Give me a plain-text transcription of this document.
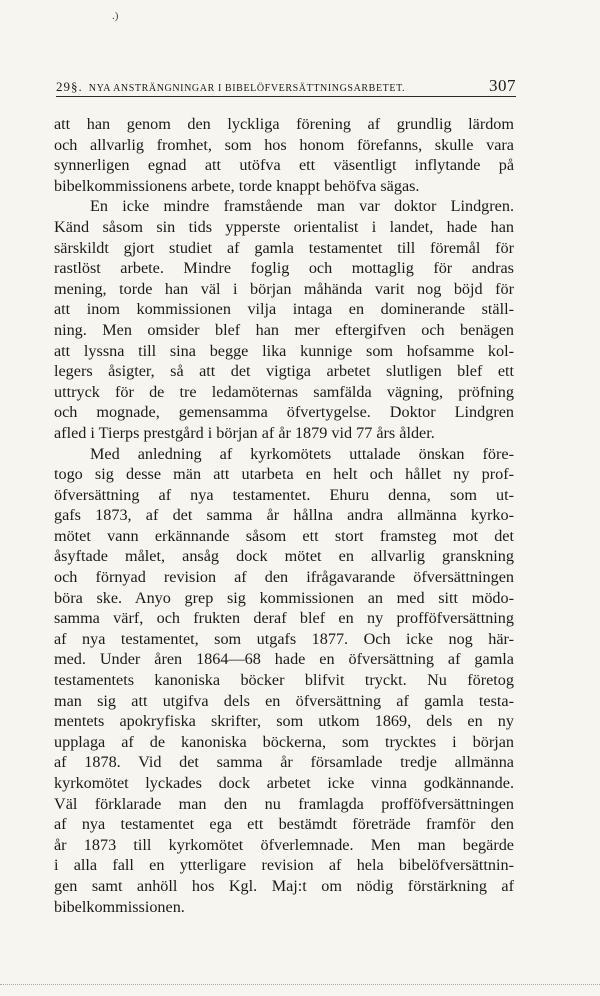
.)
29§. NYA ANSTRÄNGNINGAR I BIBELÖFVERSÄTTNINGSARBETET.	307
att han genom den lyckliga förening af grundlig lärdom
och allvarlig fromhet, som hos honom förefanns, skulle vara
synnerligen egnad att utöfva ett väsentligt inflytande på
bibelkommissionens arbete, torde knappt behöfva sägas.
En icke mindre framstående man var doktor Lindgren.
Känd såsom sin tids ypperste orientalist i landet, hade han
särskildt gjort studiet af gamla testamentet till föremål för
rastlöst arbete. Mindre foglig och mottaglig för andras
mening, torde han väl i början måhända varit nog böjd för
att inom kommissionen vilja intaga en dominerande ställ-
ning. Men omsider blef han mer eftergifven och benägen
att lyssna till sina begge lika kunnige som hofsamme kol-
legers åsigter, så att det vigtiga arbetet slutligen blef ett
uttryck för de tre ledamöternas samfälda vägning, pröfning
och mognade, gemensamma öfvertygelse. Doktor Lindgren
afled i Tierps prestgård i början af år 1879 vid 77 års ålder.
Med anledning af kyrkomötets uttalade önskan före-
togo sig desse män att utarbeta en helt och hållet ny prof-
öfversättning af nya testamentet. Ehuru denna, som ut-
gafs 1873, af det samma år hållna andra allmänna kyrko-
mötet vann erkännande såsom ett stort framsteg mot det
åsyftade målet, ansåg dock mötet en allvarlig granskning
och förnyad revision af den ifrågavarande öfversättningen
böra ske. Anyo grep sig kommissionen an med sitt mödo-
samma värf, och frukten deraf blef en ny profföfversättning
af nya testamentet, som utgafs 1877. Och icke nog här-
med. Under åren 1864—68 hade en öfversättning af gamla
testamentets kanoniska böcker blifvit tryckt. Nu företog
man sig att utgifva dels en öfversättning af gamla testa-
mentets apokryfiska skrifter, som utkom 1869, dels en ny
upplaga af de kanoniska böckerna, som trycktes i början
af 1878. Vid det samma år församlade tredje allmänna
kyrkomötet lyckades dock arbetet icke vinna godkännande.
Väl förklarade man den nu framlagda profföfversättningen
af nya testamentet ega ett bestämdt företräde framför den
år 1873 till kyrkomötet öfverlemnade. Men man begärde
i alla fall en ytterligare revision af hela bibelöfversättnin-
gen samt anhöll hos Kgl. Maj:t om nödig förstärkning af
bibelkommissionen.
